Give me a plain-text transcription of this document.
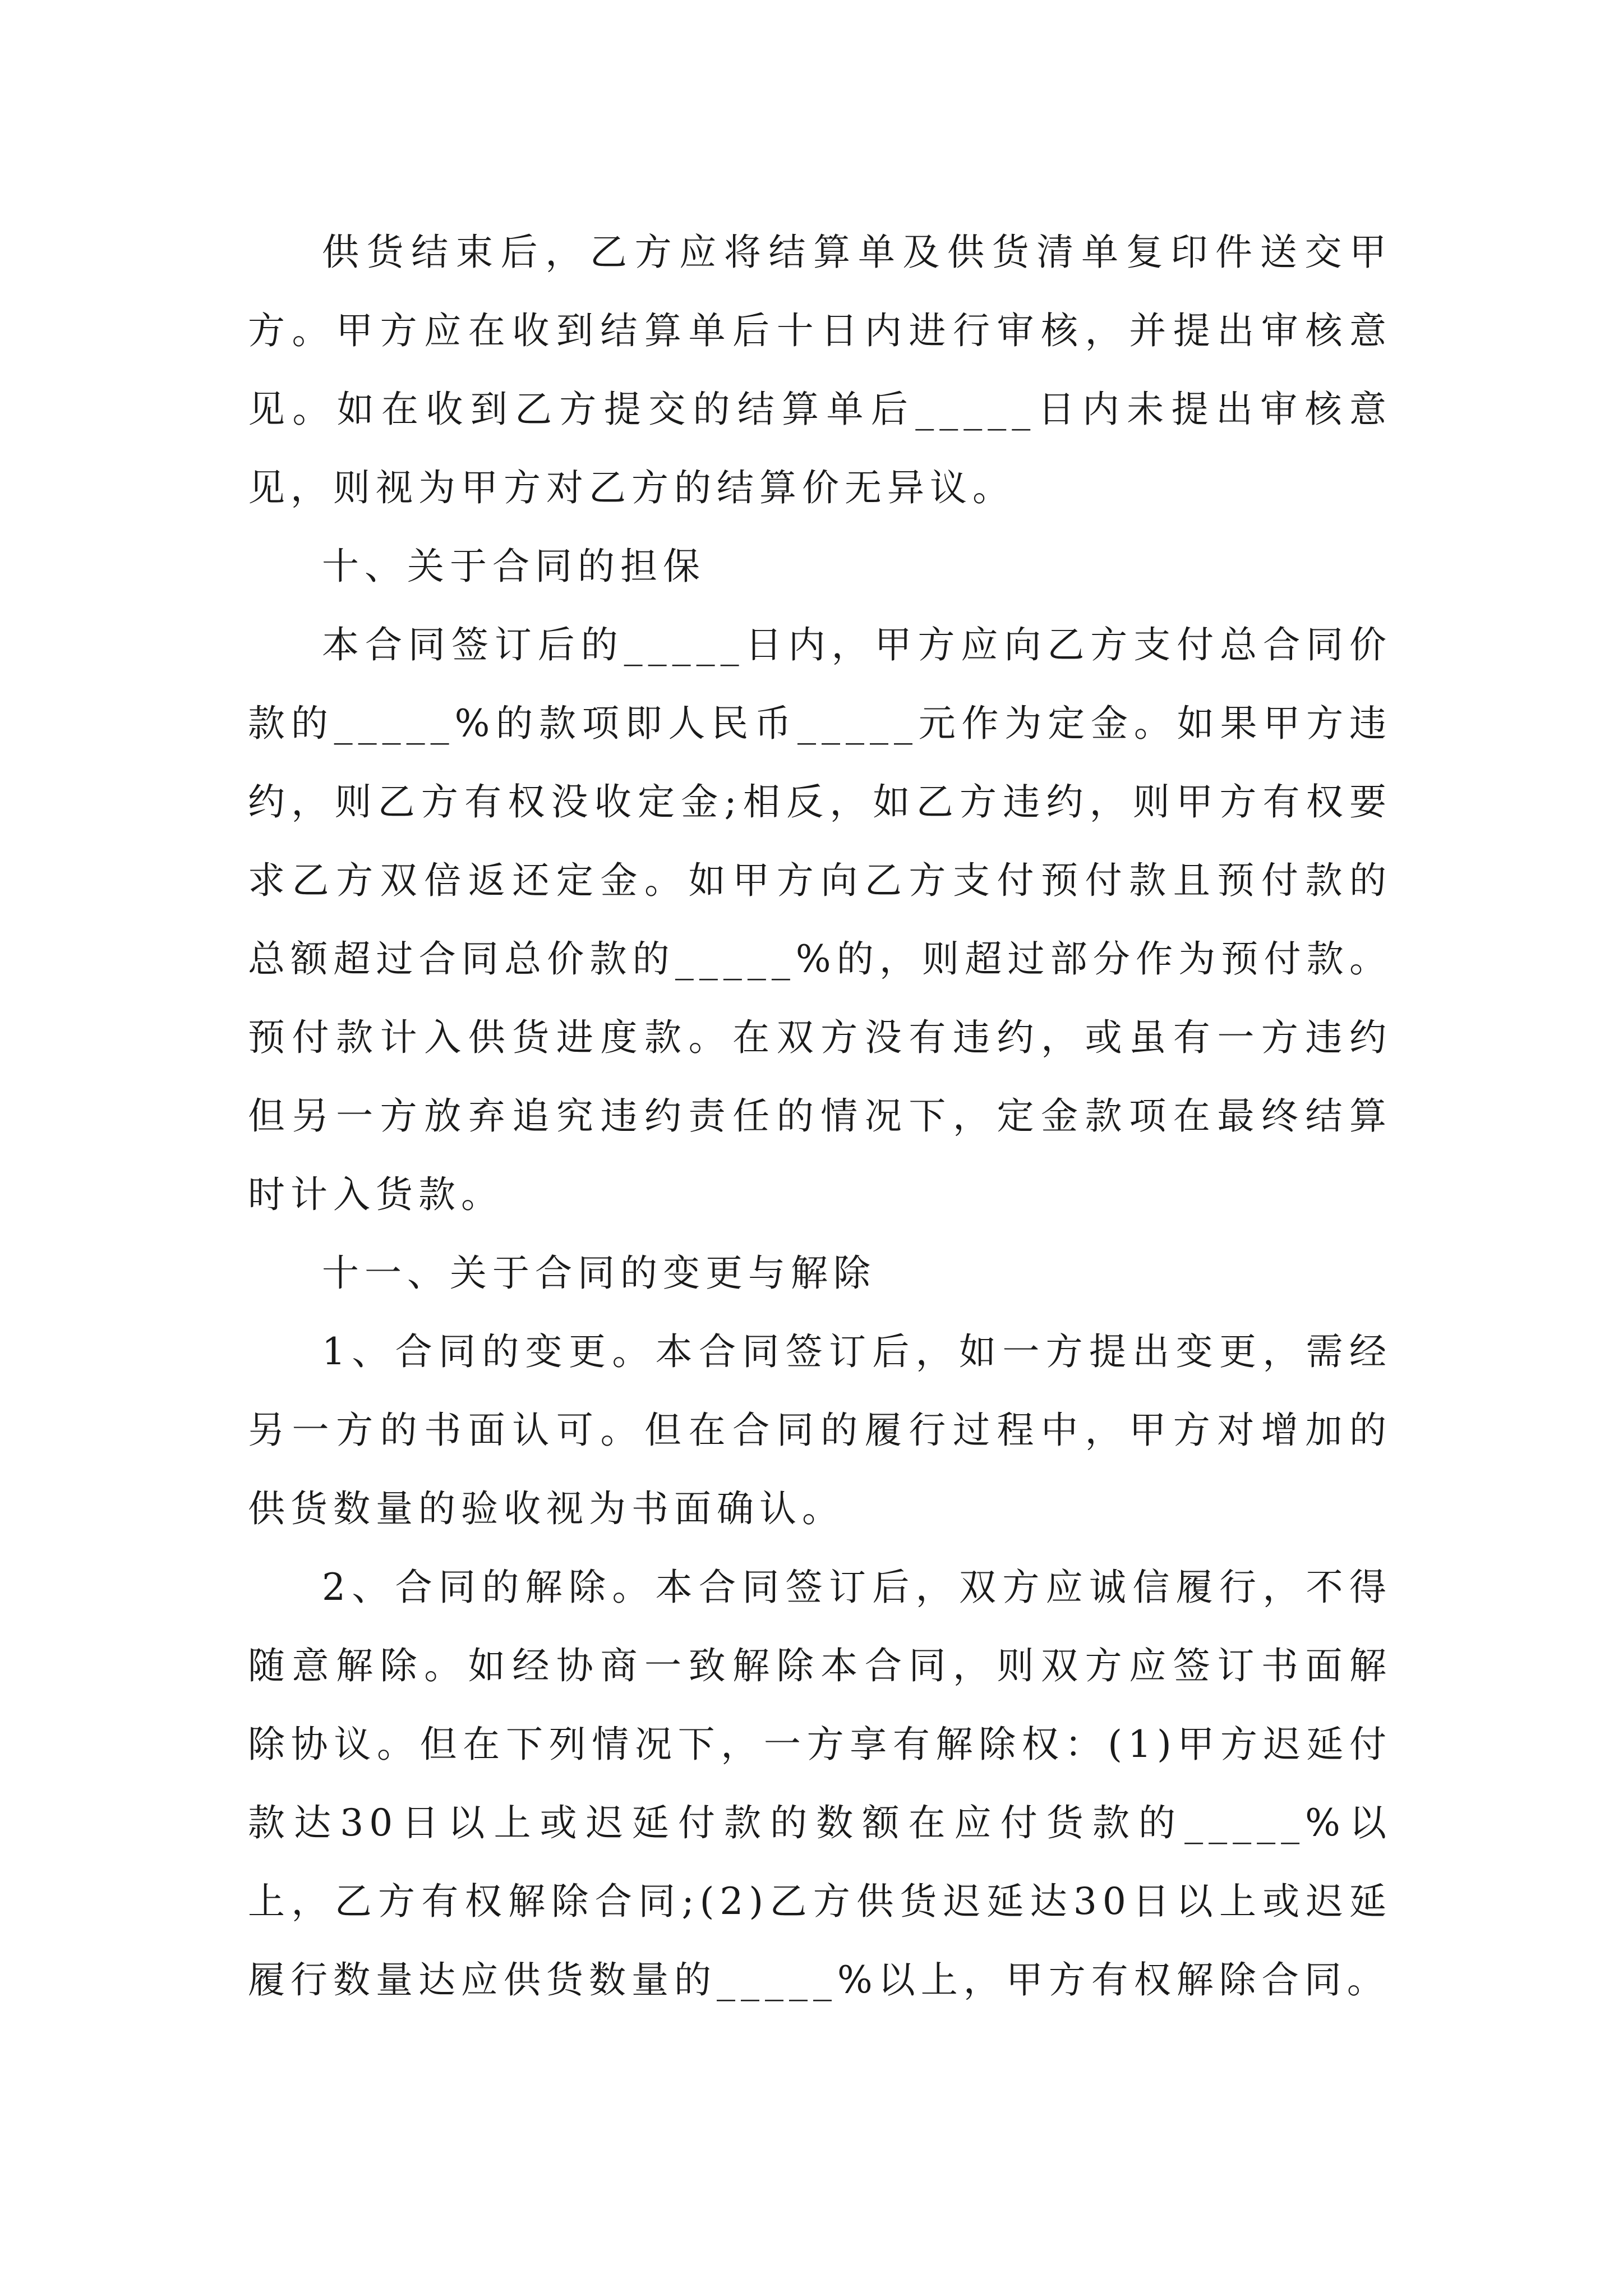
供货结束后，乙方应将结算单及供货清单复印件送交甲方。甲方应在收到结算单后十日内进行审核，并提出审核意见。如在收到乙方提交的结算单后_____日内未提出审核意见，则视为甲方对乙方的结算价无异议。

十、关于合同的担保

本合同签订后的_____日内，甲方应向乙方支付总合同价款的_____%的款项即人民币_____元作为定金。如果甲方违约，则乙方有权没收定金;相反，如乙方违约，则甲方有权要求乙方双倍返还定金。如甲方向乙方支付预付款且预付款的总额超过合同总价款的_____%的，则超过部分作为预付款。预付款计入供货进度款。在双方没有违约，或虽有一方违约但另一方放弃追究违约责任的情况下，定金款项在最终结算时计入货款。

十一、关于合同的变更与解除

1、合同的变更。本合同签订后，如一方提出变更，需经另一方的书面认可。但在合同的履行过程中，甲方对增加的供货数量的验收视为书面确认。

2、合同的解除。本合同签订后，双方应诚信履行，不得随意解除。如经协商一致解除本合同，则双方应签订书面解除协议。但在下列情况下，一方享有解除权：(1)甲方迟延付款达30日以上或迟延付款的数额在应付货款的_____%以上，乙方有权解除合同;(2)乙方供货迟延达30日以上或迟延履行数量达应供货数量的_____%以上，甲方有权解除合同。
